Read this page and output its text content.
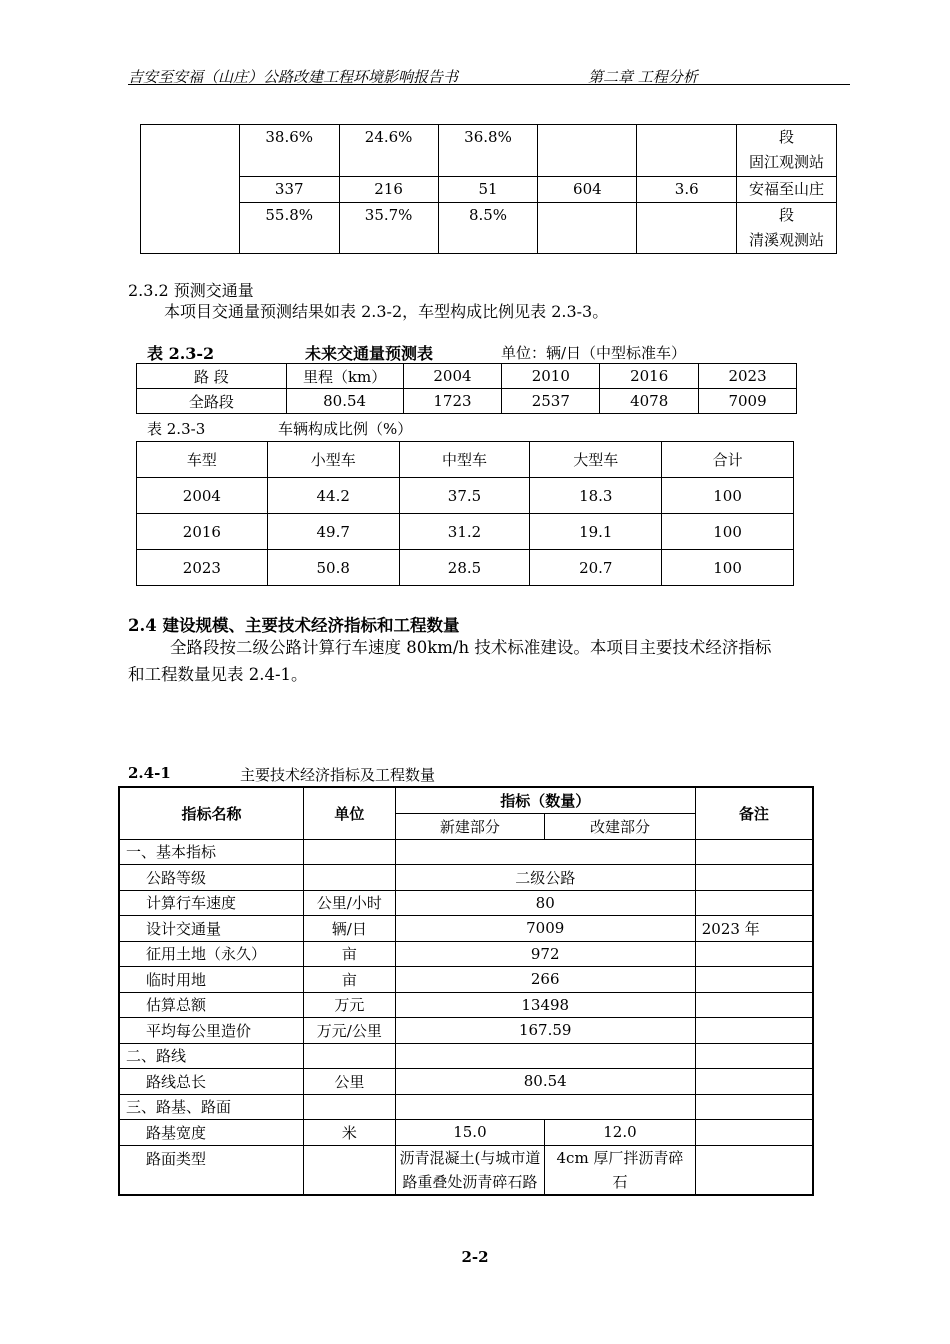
吉安至安福（山庄）公路改建工程环境影响报告书	第二章 工程分析
	38.6%	24.6%	36.8%			段
固江观测站
	337	216	51	604	3.6	安福至山庄
	55.8%	35.7%	8.5%			段
清溪观测站
2.3.2 预测交通量
本项目交通量预测结果如表 2.3-2，车型构成比例见表 2.3-3。
表 2.3-2	未来交通量预测表	单位：辆/日（中型标准车）
路 段	里程（km）	2004	2010	2016	2023
全路段	80.54	1723	2537	4078	7009
表 2.3-3	车辆构成比例（%）
车型	小型车	中型车	大型车	合计
2004	44.2	37.5	18.3	100
2016	49.7	31.2	19.1	100
2023	50.8	28.5	20.7	100
2.4 建设规模、主要技术经济指标和工程数量
全路段按二级公路计算行车速度 80km/h 技术标准建设。本项目主要技术经济指标
和工程数量见表 2.4-1。
2.4-1	主要技术经济指标及工程数量
指标名称	单位	指标（数量）		备注
		新建部分	改建部分	
一、基本指标				
公路等级		二级公路		
计算行车速度	公里/小时	80		
设计交通量	辆/日	7009		2023 年
征用土地（永久）	亩	972		
临时用地	亩	266		
估算总额	万元	13498		
平均每公里造价	万元/公里	167.59		
二、路线				
路线总长	公里	80.54		
三、路基、路面				
路基宽度	米	15.0	12.0	
路面类型		沥青混凝土(与城市道路重叠处沥青碎石路	4cm 厚厂拌沥青碎石	
2-2
